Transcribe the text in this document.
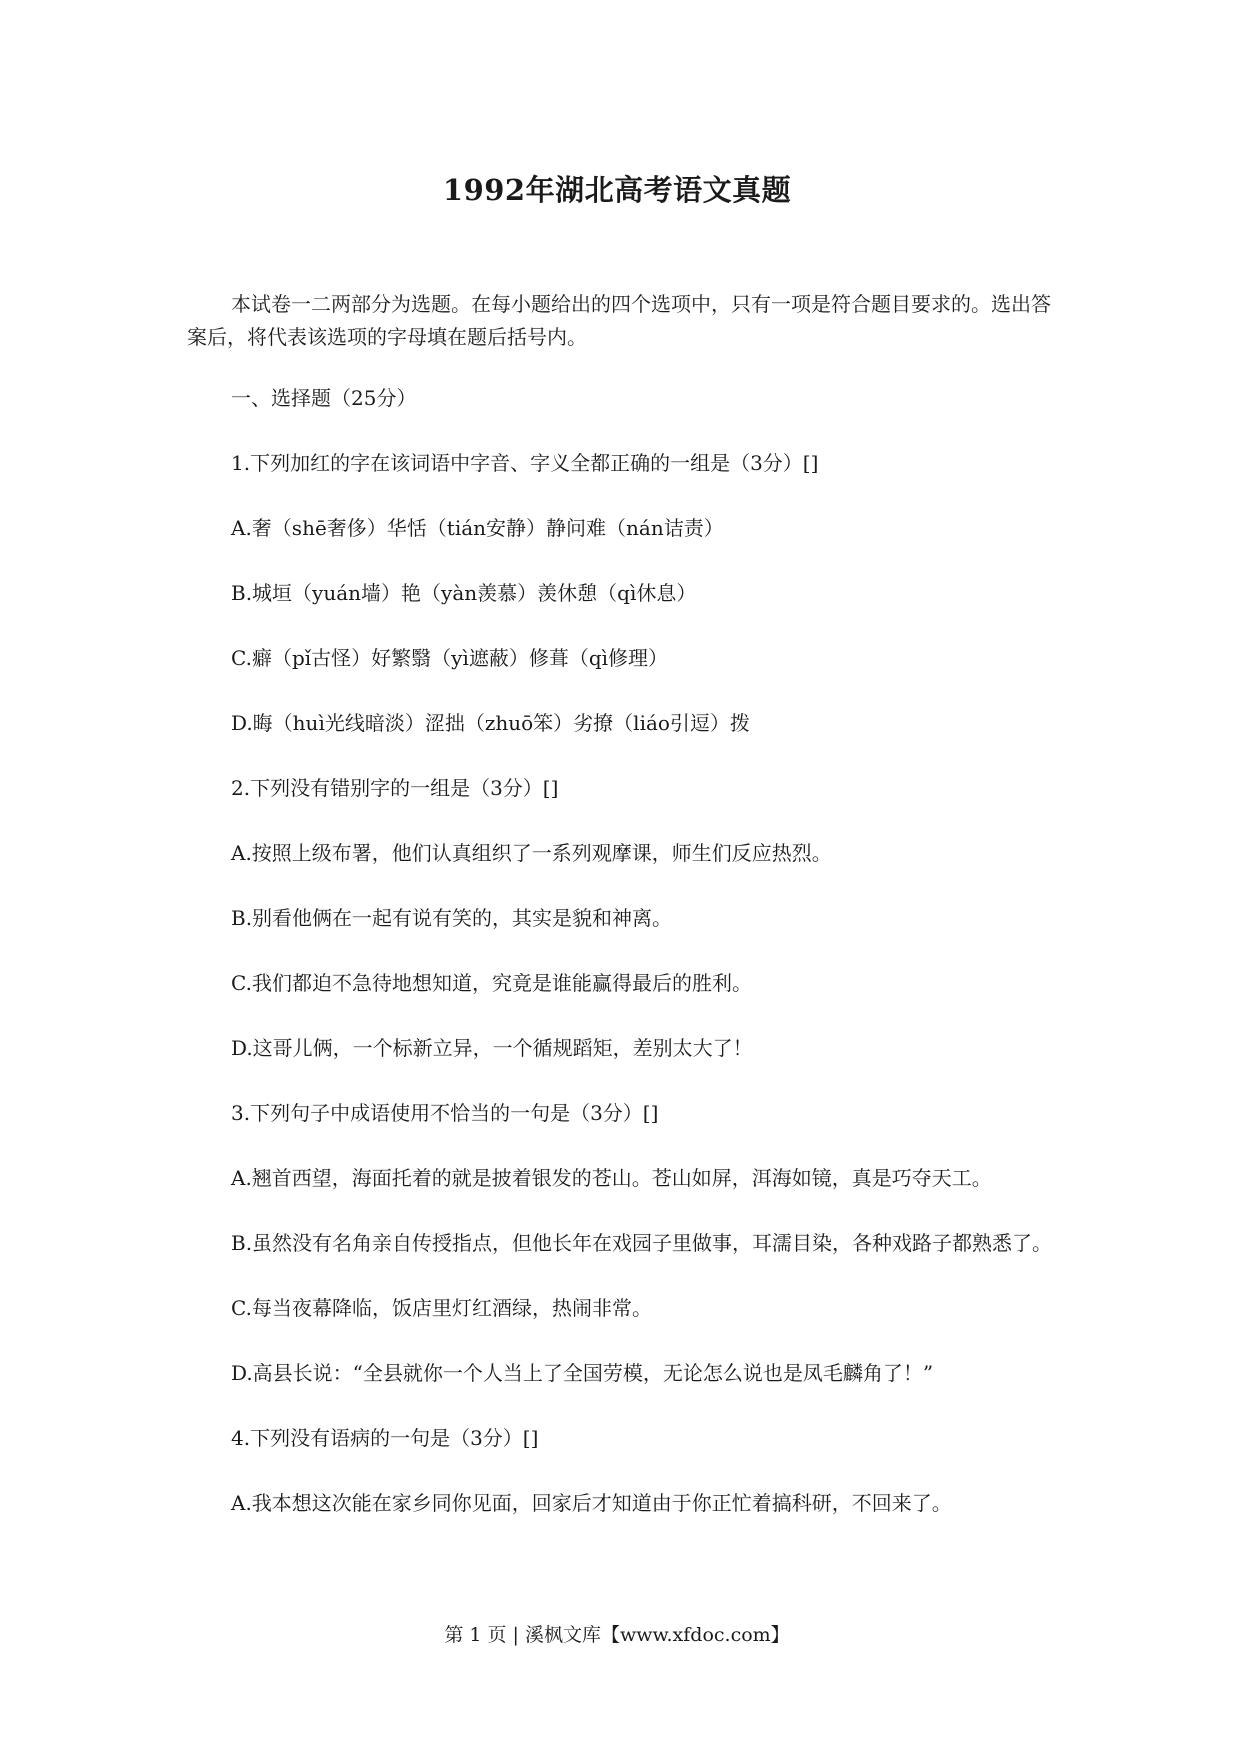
1992年湖北高考语文真题

本试卷一二两部分为选题。在每小题给出的四个选项中，只有一项是符合题目要求的。选出答案后，将代表该选项的字母填在题后括号内。

一、选择题（25分）

1.下列加红的字在该词语中字音、字义全都正确的一组是（3分）[]

A.奢（shē奢侈）华恬（tián安静）静问难（nán诘责）

B.城垣（yuán墙）艳（yàn羡慕）羡休憩（qì休息）

C.癖（pǐ古怪）好繁翳（yì遮蔽）修葺（qì修理）

D.晦（huì光线暗淡）涩拙（zhuō笨）劣撩（liáo引逗）拨

2.下列没有错别字的一组是（3分）[]

A.按照上级布署，他们认真组织了一系列观摩课，师生们反应热烈。

B.别看他俩在一起有说有笑的，其实是貌和神离。

C.我们都迫不急待地想知道，究竟是谁能赢得最后的胜利。

D.这哥儿俩，一个标新立异，一个循规蹈矩，差别太大了！

3.下列句子中成语使用不恰当的一句是（3分）[]

A.翘首西望，海面托着的就是披着银发的苍山。苍山如屏，洱海如镜，真是巧夺天工。

B.虽然没有名角亲自传授指点，但他长年在戏园子里做事，耳濡目染，各种戏路子都熟悉了。

C.每当夜幕降临，饭店里灯红酒绿，热闹非常。

D.高县长说：“全县就你一个人当上了全国劳模，无论怎么说也是凤毛麟角了！”

4.下列没有语病的一句是（3分）[]

A.我本想这次能在家乡同你见面，回家后才知道由于你正忙着搞科研，不回来了。

第 1 页 | 溪枫文库【www.xfdoc.com】
